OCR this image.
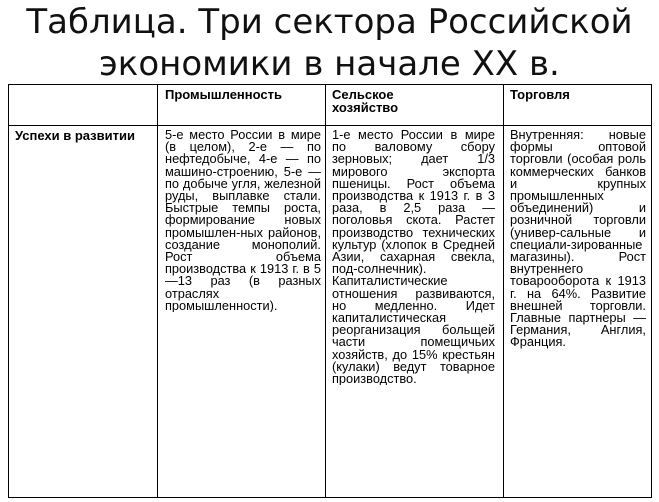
Таблица. Три сектора Российской
экономики в начале XX в.
Промышленность	Сельское хозяйство
Торговля
Успехи в развитии	5-е место России в мире (в целом), 2-е — по нефтедобыче, 4-е — по машино-строению, 5-е — по добыче угля, железной руды, выплавке стали. Быстрые темпы роста, формирование новых промышлен-ных районов, создание монополий. Рост объема производства к 1913 г. в 5—13 раз (в разных отраслях промышленности).
1-е место России в мире по валовому сбору зерновых; дает 1/3 мирового экспорта пшеницы. Рост объема производства к 1913 г. в 3 раза, в 2,5 раза — поголовья скота. Растет производство технических культур (хлопок в Средней Азии, сахарная свекла, под-солнечник). Капиталистические отношения развиваются, но медленно. Идет капиталистическая реорганизация больщей части помещичьих хозяйств, до 15% крестьян (кулаки) ведут товарное производство.
Внутренняя: новые формы оптовой торговли (особая роль коммерческих банков и крупных промышленных объединений) и розничной торговли (универ-сальные и специали-зированные магазины). Рост внутреннего товарооборота к 1913 г. на 64%. Развитие внешней торговли. Главные партнеры — Германия, Англия, Франция.
